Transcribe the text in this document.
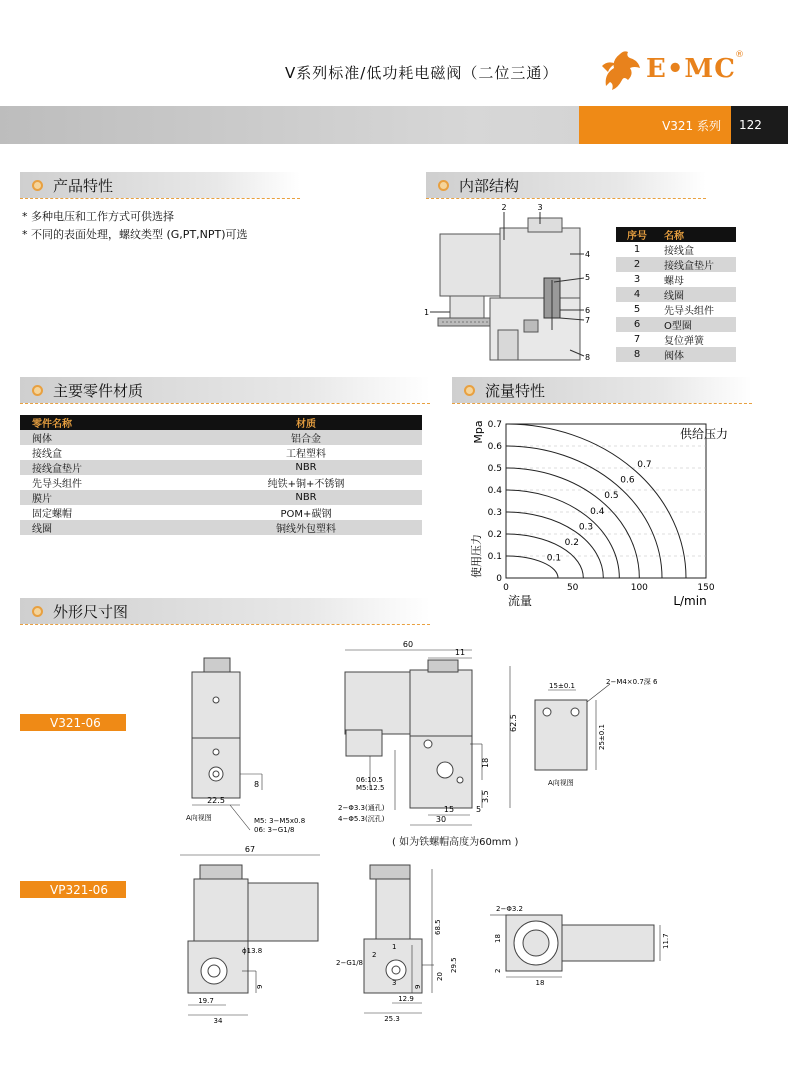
V系列标准/低功耗电磁阀（二位三通）	E•MC ®
V321 系列	122
产品特性
* 多种电压和工作方式可供选择
* 不同的表面处理，螺纹类型 (G,PT,NPT)可选
内部结构
2	3
4
5
6
7
1
8
序号	名称
1	接线盒
2	接线盒垫片
3	螺母
4	线圈
5	先导头组件
6	O型圈
7	复位弹簧
8	阀体
主要零件材质
零件名称	材质
阀体	铝合金
接线盒	工程塑料
接线盒垫片	NBR
先导头组件	纯铁+铜+不锈钢
膜片	NBR
固定螺帽	POM+碳钢
线圈	铜线外包塑料
流量特性
0
0.1
0.2
0.3
0.4
0.5
0.6
0.7
0	50	100	150
0.1
0.2
0.3
0.4
0.5
0.6
0.7
Mpa
使用压力
流量	L/min
供给压力
外形尺寸图
V321-06
VP321-06
22.5
8
A向视图	M5: 3−M5x0.8
06: 3−G1/8
60
11
62.5
18
3.5
5
15
30
06:10.5
M5:12.5
2−Φ3.3(通孔)
4−Φ5.3(沉孔)
15±0.1	2−M4×0.7深 6
25±0.1
A向视图
( 如为铁螺帽高度为60mm )
67
ϕ13.8
9
19.7
34
2−G1/8
68.5
29.5
20
9
12.9
25.3
1
2
3
2−Φ3.2
18
2
18
11.7
